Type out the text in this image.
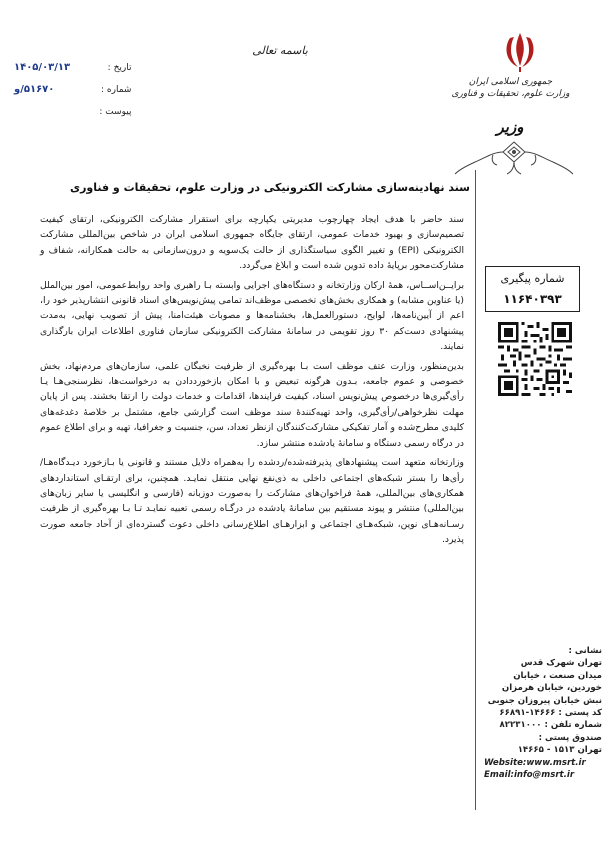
تاریخ : ۱۴۰۵/۰۳/۱۳
شماره : ۵۱۶۷۰/و
پیوست :
باسمه تعالی
جمهوری اسلامی ایران
وزارت علوم، تحقیقات و فناوری
وزیر
سند نهادینه‌سازی مشارکت الکترونیکی در وزارت علوم، تحقیقات و فناوری

سند حاضر با هدف ایجاد چهارچوب مدیریتی یکپارچه برای استقرار مشارکت الکترونیکی، ارتقای کیفیت تصمیم‌سازی و بهبود خدمات عمومی، ارتقای جایگاه جمهوری اسلامی ایران در شاخص بین‌المللی مشارکت الکترونیکی (EPI) و تغییر الگوی سیاستگذاری از حالت یک‌سویه و درون‌سازمانی به حالت همکارانه، شفاف و مشارکت‌محور برپایهٔ داده تدوین شده است و ابلاغ می‌گردد.

برایــن‌اســاس، همهٔ ارکان وزارتخانه و دستگاه‌های اجرایی وابسته بـا راهبری واحد روابط‌عمومی، امور بین‌الملل (یا عناوین مشابه) و همکاری بخش‌های تخصصی موظف‌اند تمامی پیش‌نویس‌های اسناد قانونی انتشارپذیر خود را، اعم از آیین‌نامه‌ها، لوایح، دستورالعمل‌ها، بخشنامه‌ها و مصوبات هیئت‌امنا، پیش از تصویب نهایی، به‌مدت پیشنهادی دست‌کم ۳۰ روز تقویمی در سامانهٔ مشارکت الکترونیکی سازمان فناوری اطلاعات ایران بارگذاری نمایند.

بدین‌منظور، وزارت عتف موظف است بـا بهره‌گیری از ظرفیت نخبگان علمی، سازمان‌های مردم‌نهاد، بخش خصوصی و عموم جامعه، بـدون هرگونه تبعیض و با امکان بازخورددادن به درخواست‌ها، نظرسنجی‌هـا یـا رأی‌گیری‌ها درخصوص پیش‌نویس اسناد، کیفیت فرایندها، اقدامات و خدمات دولت را ارتقا بخشند. پس از پایان مهلت نظرخواهی/رأی‌گیری، واحد تهیه‌کنندهٔ سند موظف است گزارشی جامع، مشتمل بر خلاصهٔ دغدغه‌های کلیدی مطرح‌شده و آمار تفکیکی مشارکت‌کنندگان ازنظر تعداد، سن، جنسیت و جغرافیا، تهیه و برای اطلاع عموم در درگاه رسمی دستگاه و سامانهٔ یادشده منتشر سازد.

وزارتخانه متعهد است پیشنهادهای پذیرفته‌شده/ردشده را به‌همراه دلایل مستند و قانونی یا بـازخورد دیـدگاه‌هـا/رأی‌ها را بستر شبکه‌های اجتماعی داخلی به ذی‌نفع نهایی منتقل نمایـد. همچنین، برای ارتقـای استانداردهای همکاری‌های بین‌المللی، همهٔ فراخوان‌های مشارکت را به‌صورت دوزبانه (فارسی و انگلیسی یا سایر زبان‌های بین‌المللی) منتشر و پیوند مستقیم بین سامانهٔ یادشده در درگـاه رسمی تعبیه نمایـد تـا بـا بهره‌گیری از ظرفیت رسـانه‌هـای نوین، شبکه‌هـای اجتماعی و ابزارهـای اطلاع‌رسانی داخلی دعوت گسترده‌ای از آحاد جامعه صورت پذیرد.

شماره پیگیری
۱۱۶۴۰۳۹۳
نشانی :
تهران شهرک قدس
میدان صنعت ، خیابان
خوردین، خیابان هرمزان
نبش خیابان پیروزان جنوبی
کد پستی : ۱۴۶۶۶-۶۶۸۹۱
شماره تلفن : ۸۲۲۳۱۰۰۰
صندوق پستی :
تهران ۱۵۱۳ - ۱۴۶۶۵
Website:www.msrt.ir
Email:info@msrt.ir
